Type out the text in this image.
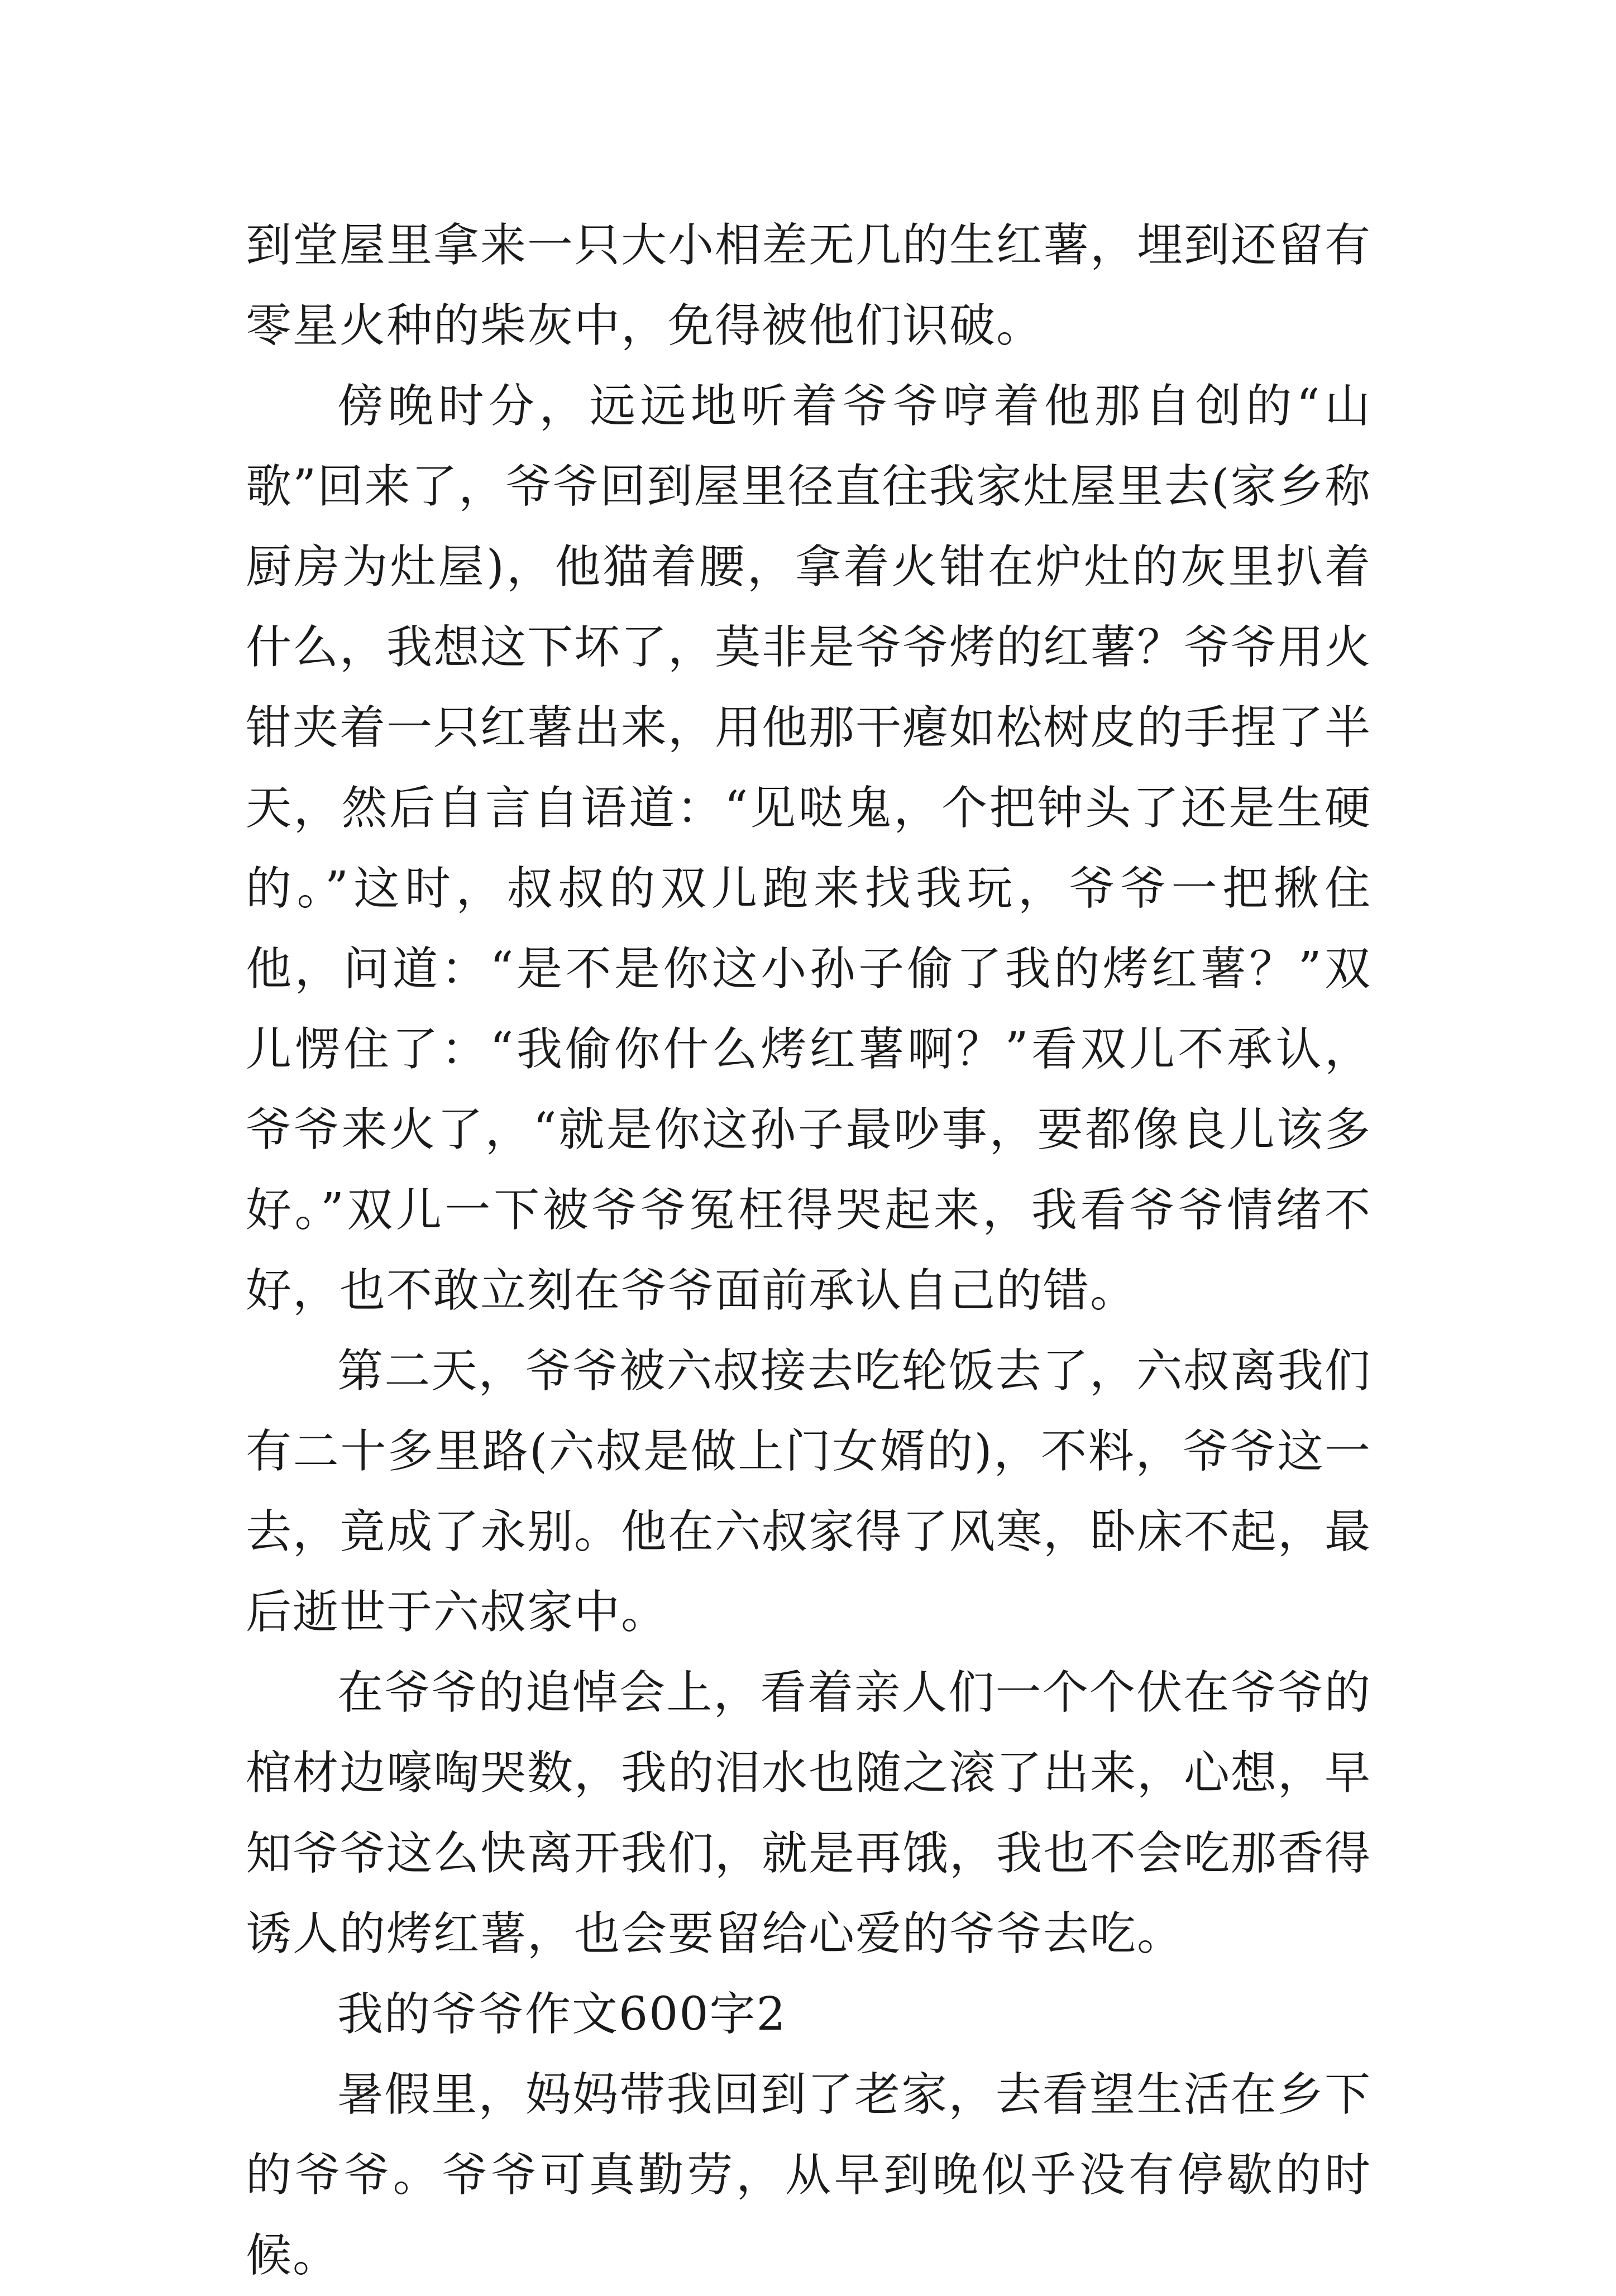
到堂屋里拿来一只大小相差无几的生红薯，埋到还留有零星火种的柴灰中，免得被他们识破。

傍晚时分，远远地听着爷爷哼着他那自创的“山歌”回来了，爷爷回到屋里径直往我家灶屋里去(家乡称厨房为灶屋)，他猫着腰，拿着火钳在炉灶的灰里扒着什么，我想这下坏了，莫非是爷爷烤的红薯？爷爷用火钳夹着一只红薯出来，用他那干瘪如松树皮的手捏了半天，然后自言自语道：“见哒鬼，个把钟头了还是生硬的。”这时，叔叔的双儿跑来找我玩，爷爷一把揪住他，问道：“是不是你这小孙子偷了我的烤红薯？”双儿愣住了：“我偷你什么烤红薯啊？”看双儿不承认，爷爷来火了，“就是你这孙子最吵事，要都像良儿该多好。”双儿一下被爷爷冤枉得哭起来，我看爷爷情绪不好，也不敢立刻在爷爷面前承认自己的错。

第二天，爷爷被六叔接去吃轮饭去了，六叔离我们有二十多里路(六叔是做上门女婿的)，不料，爷爷这一去，竟成了永别。他在六叔家得了风寒，卧床不起，最后逝世于六叔家中。

在爷爷的追悼会上，看着亲人们一个个伏在爷爷的棺材边嚎啕哭数，我的泪水也随之滚了出来，心想，早知爷爷这么快离开我们，就是再饿，我也不会吃那香得诱人的烤红薯，也会要留给心爱的爷爷去吃。

我的爷爷作文600字2

暑假里，妈妈带我回到了老家，去看望生活在乡下的爷爷。爷爷可真勤劳，从早到晚似乎没有停歇的时候。
